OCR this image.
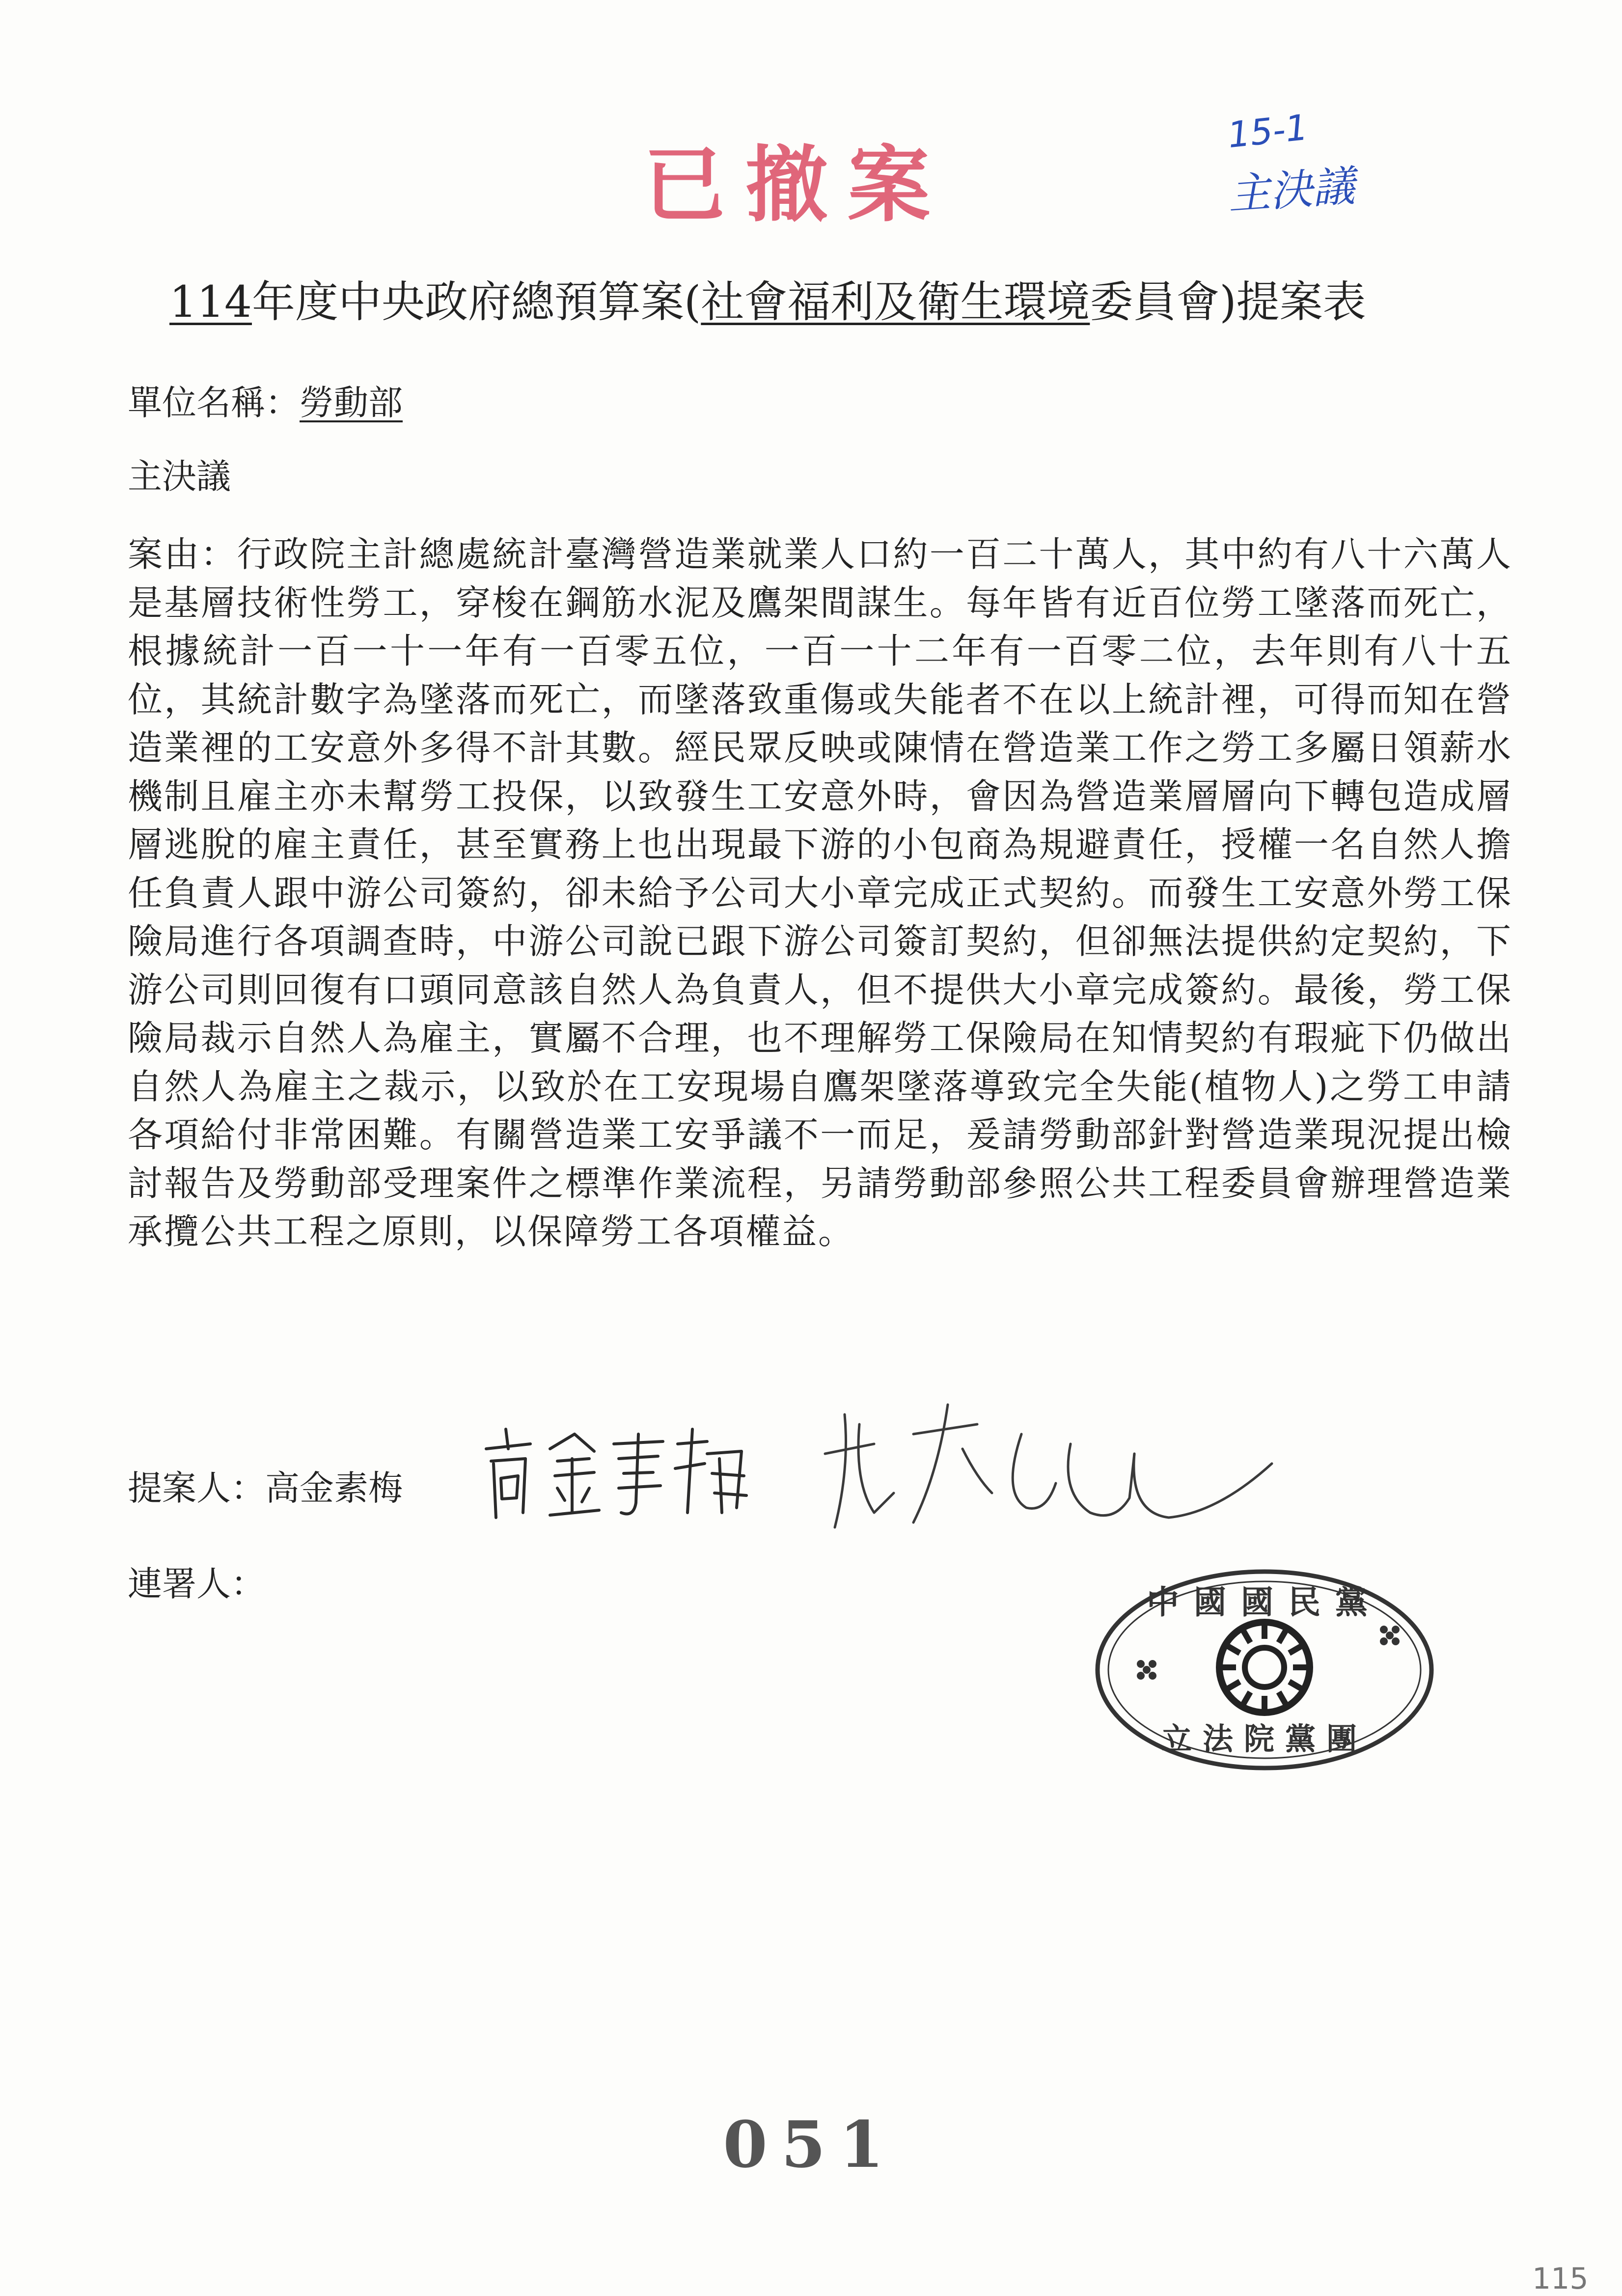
已撤案
15-1
主決議
114年度中央政府總預算案(社會福利及衛生環境委員會)提案表
單位名稱：勞動部
主決議
案由：行政院主計總處統計臺灣營造業就業人口約一百二十萬人，其中約有八十六萬人是基層技術性勞工，穿梭在鋼筋水泥及鷹架間謀生。每年皆有近百位勞工墜落而死亡，根據統計一百一十一年有一百零五位，一百一十二年有一百零二位，去年則有八十五位，其統計數字為墜落而死亡，而墜落致重傷或失能者不在以上統計裡，可得而知在營造業裡的工安意外多得不計其數。經民眾反映或陳情在營造業工作之勞工多屬日領薪水機制且雇主亦未幫勞工投保，以致發生工安意外時，會因為營造業層層向下轉包造成層層逃脫的雇主責任，甚至實務上也出現最下游的小包商為規避責任，授權一名自然人擔任負責人跟中游公司簽約，卻未給予公司大小章完成正式契約。而發生工安意外勞工保險局進行各項調查時，中游公司說已跟下游公司簽訂契約，但卻無法提供約定契約，下游公司則回復有口頭同意該自然人為負責人，但不提供大小章完成簽約。最後，勞工保險局裁示自然人為雇主，實屬不合理，也不理解勞工保險局在知情契約有瑕疵下仍做出自然人為雇主之裁示，以致於在工安現場自鷹架墜落導致完全失能(植物人)之勞工申請各項給付非常困難。有關營造業工安爭議不一而足，爰請勞動部針對營造業現況提出檢討報告及勞動部受理案件之標準作業流程，另請勞動部參照公共工程委員會辦理營造業承攬公共工程之原則，以保障勞工各項權益。
提案人：高金素梅
連署人：	中國國民黨
立法院黨團
051
115
